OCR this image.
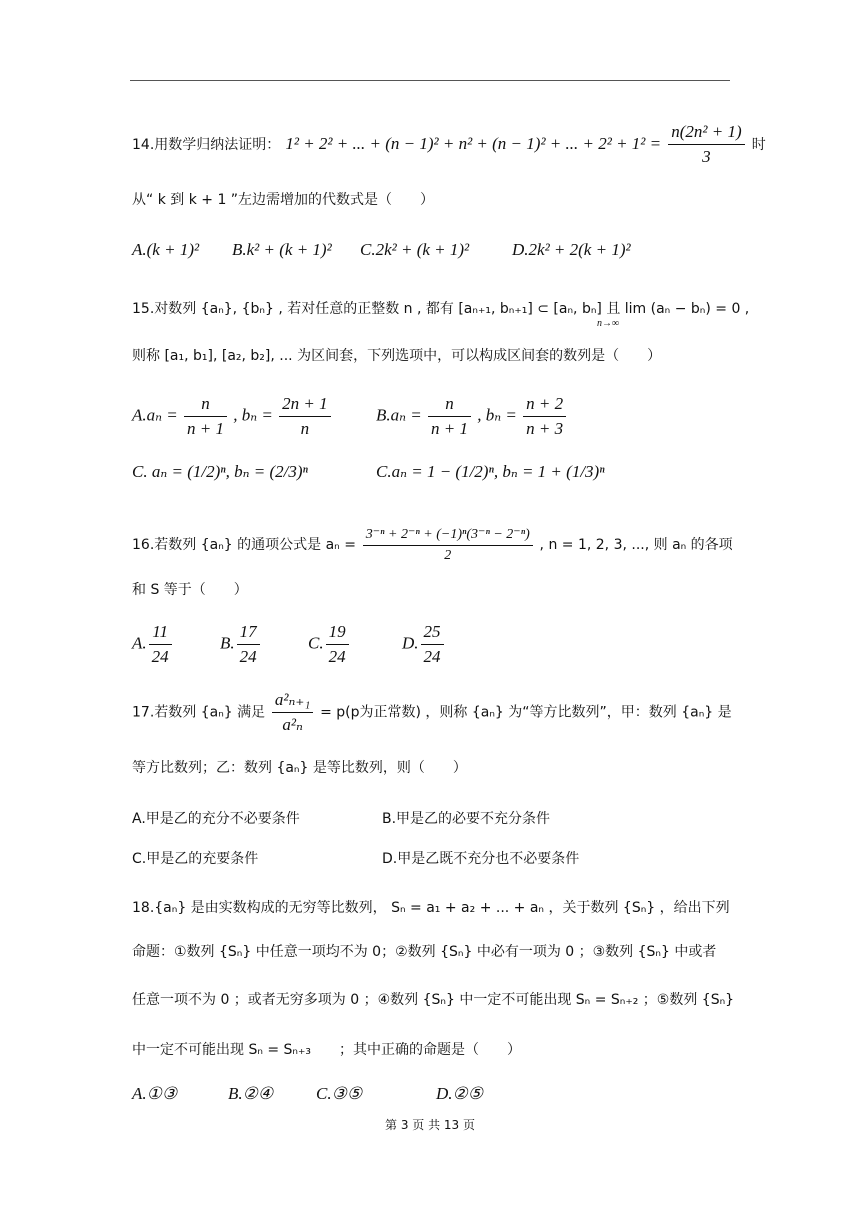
14.用数学归纳法证明： 1² + 2² + ... + (n − 1)² + n² + (n − 1)² + ... + $2^2 + 1^2 = \frac{\text{n(2n² + 1)}}{3}$ 时
从“ k 到 k + 1 ”左边需增加的代数式是（　　）
A.(k + 1)² B.k² + (k + 1)² C.2k² + (k + 1)²	D.2k² + 2(k + 1)²
15.对数列 {aₙ}, {bₙ} , 若对任意的正整数 n , 都有 [aₙ₊₁, bₙ₊₁] ⊂ [aₙ, bₙ] 且 lim (aₙ − bₙ) = 0 ,
n→∞
则称 [a₁, b₁], [a₂, b₂], ... 为区间套，下列选项中，可以构成区间套的数列是（　　）
$A.a_n = \frac{n}{n + 1}$ , $b_n = \frac{2n + 1}{n}$	$B.a_n = \frac{n}{n + 1}$ , $b_n = \frac{n + 2}{n + 3}$
C. aₙ = (1/2)ⁿ, bₙ = (2/3)ⁿ	C.aₙ = 1 − (1/2)ⁿ, bₙ = 1 + (1/3)ⁿ
16.若数列 {aₙ} 的通项公式是 $a_n = \frac{\text{3⁻ⁿ + 2⁻ⁿ + (−1)ⁿ(3⁻ⁿ − 2⁻ⁿ)}}{2}$ , n = 1, 2, 3, ..., 则 aₙ 的各项
和 S 等于（　　）
A. $\frac{11}{24}$	B. $\frac{17}{24}$	C. $\frac{19}{24}$	D. $\frac{25}{24}$
17.若数列 {aₙ} 满足 $\frac{\text{a²ₙ₊₁}}{\text{a²ₙ}} = p(p$为正常数) ，则称 {aₙ} 为“等方比数列”，甲：数列 {aₙ} 是
等方比数列；乙：数列 {aₙ} 是等比数列，则（　　）
A.甲是乙的充分不必要条件	B.甲是乙的必要不充分条件
C.甲是乙的充要条件	D.甲是乙既不充分也不必要条件
18.{aₙ} 是由实数构成的无穷等比数列， Sₙ = a₁ + a₂ + ... + aₙ ，关于数列 {Sₙ} ，给出下列
命题：①数列 {Sₙ} 中任意一项均不为 0；②数列 {Sₙ} 中必有一项为 0 ；③数列 {Sₙ} 中或者
任意一项不为 0 ；或者无穷多项为 0 ；④数列 {Sₙ} 中一定不可能出现 Sₙ = Sₙ₊₂ ；⑤数列 {Sₙ}
中一定不可能出现 Sₙ = Sₙ₊₃　　；其中正确的命题是（　　）
A.①③	B.②④	C.③⑤	D.②⑤
第 3 页 共 13 页
